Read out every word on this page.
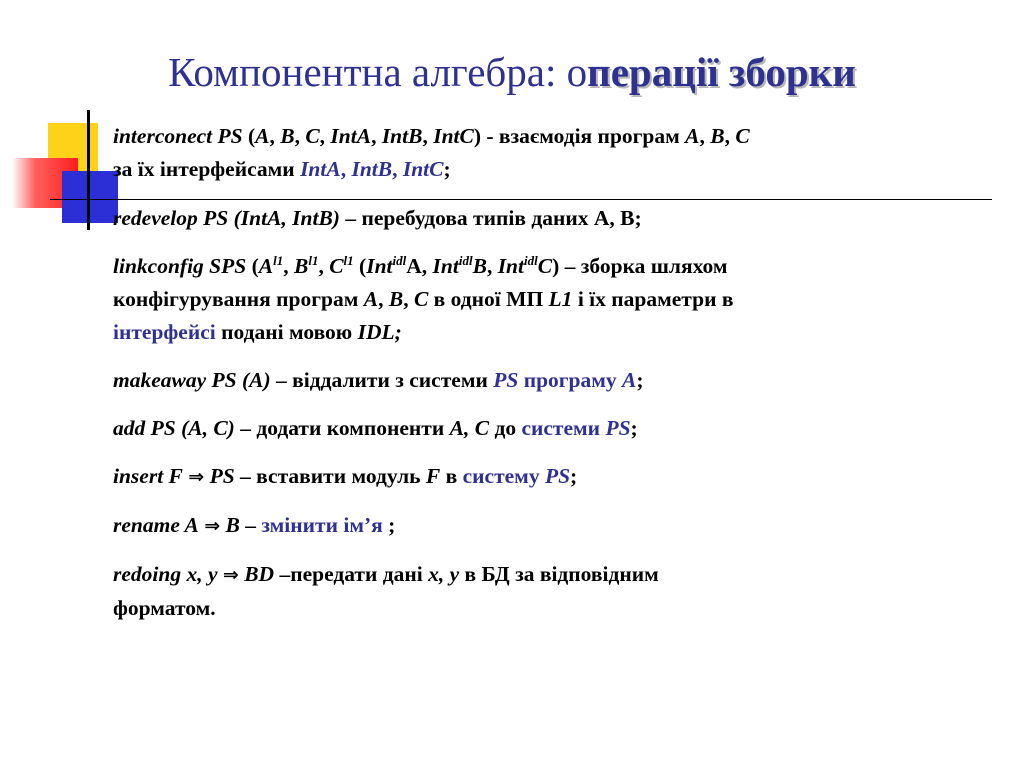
Компонентна алгебра: операції зборки
interconect PS (A, B, C, IntA, IntB, IntC) - взаємодія програм A, B, C
за їх інтерфейсами IntA, IntB, IntC;
redevelop PS (IntA, IntB) – перебудова типів даних А, В;
linkconfig SPS ($A^{l1}$, $B^{l1}$, $C^{l1}$ (Int$^{idl}$A, Int$^{idl}$B, Int$^{idl}$C) – зборка шляхом
конфігурування програм A, B, C в одної МП L1 і їх параметри в
інтерфейсі подані мовою IDL;
makeaway PS (A) – віддалити з системи PS програму A;
add PS (A, C) – додати компоненти A, C до системи PS;
insert F ⇒ PS – вставити модуль F в систему PS;
rename A ⇒ B – змінити ім’я ;
redoing x, y ⇒ BD –передати дані x, y в БД за відповідним
форматом.
